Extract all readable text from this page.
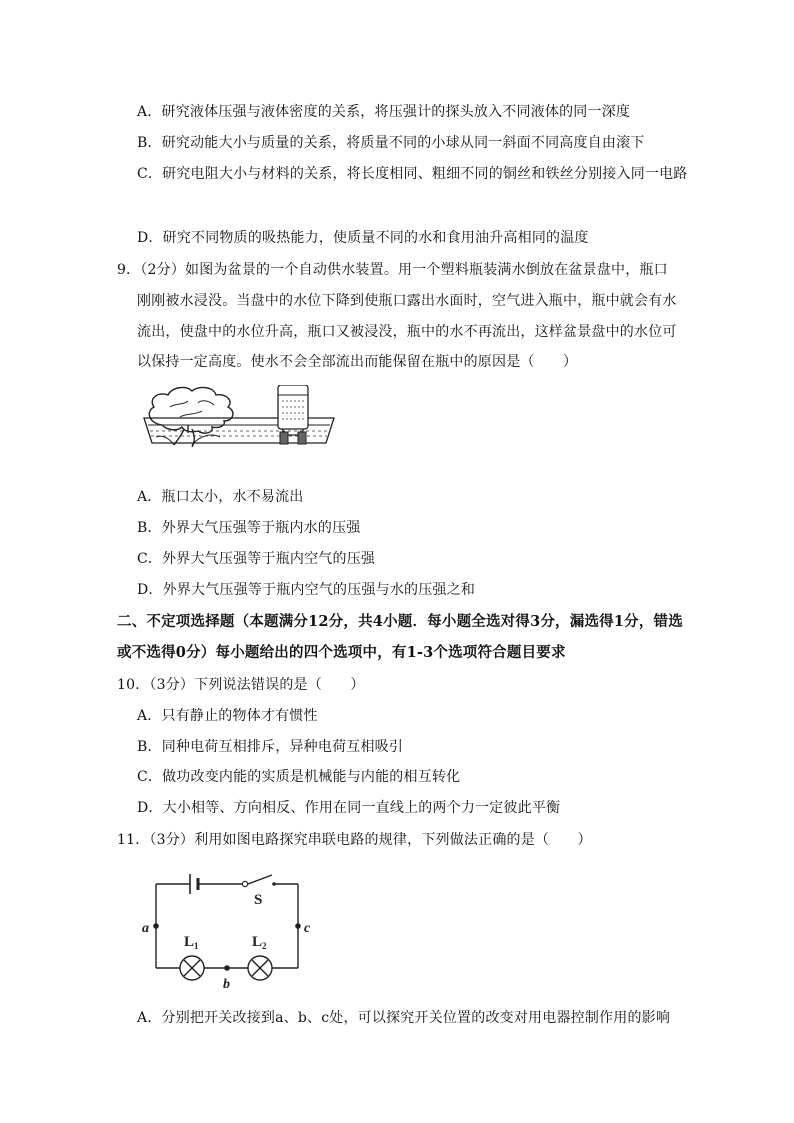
A．研究液体压强与液体密度的关系，将压强计的探头放入不同液体的同一深度
B．研究动能大小与质量的关系，将质量不同的小球从同一斜面不同高度自由滚下
C．研究电阻大小与材料的关系，将长度相同、粗细不同的铜丝和铁丝分别接入同一电路
D．研究不同物质的吸热能力，使质量不同的水和食用油升高相同的温度
9．（2分）如图为盆景的一个自动供水装置。用一个塑料瓶装满水倒放在盆景盘中，瓶口
刚刚被水浸没。当盘中的水位下降到使瓶口露出水面时，空气进入瓶中，瓶中就会有水
流出，使盘中的水位升高，瓶口又被浸没，瓶中的水不再流出，这样盆景盘中的水位可
以保持一定高度。使水不会全部流出而能保留在瓶中的原因是（　　）
A．瓶口太小，水不易流出
B．外界大气压强等于瓶内水的压强
C．外界大气压强等于瓶内空气的压强
D．外界大气压强等于瓶内空气的压强与水的压强之和
二、不定项选择题（本题满分12分，共4小题．每小题全选对得3分，漏选得1分，错选
或不选得0分）每小题给出的四个选项中，有1-3个选项符合题目要求
10．（3分）下列说法错误的是（　　）
A．只有静止的物体才有惯性
B．同种电荷互相排斥，异种电荷互相吸引
C．做功改变内能的实质是机械能与内能的相互转化
D．大小相等、方向相反、作用在同一直线上的两个力一定彼此平衡
11．（3分）利用如图电路探究串联电路的规律，下列做法正确的是（　　）
S
a	c
b
L 1	L 2
A．分别把开关改接到a、b、c处，可以探究开关位置的改变对用电器控制作用的影响
